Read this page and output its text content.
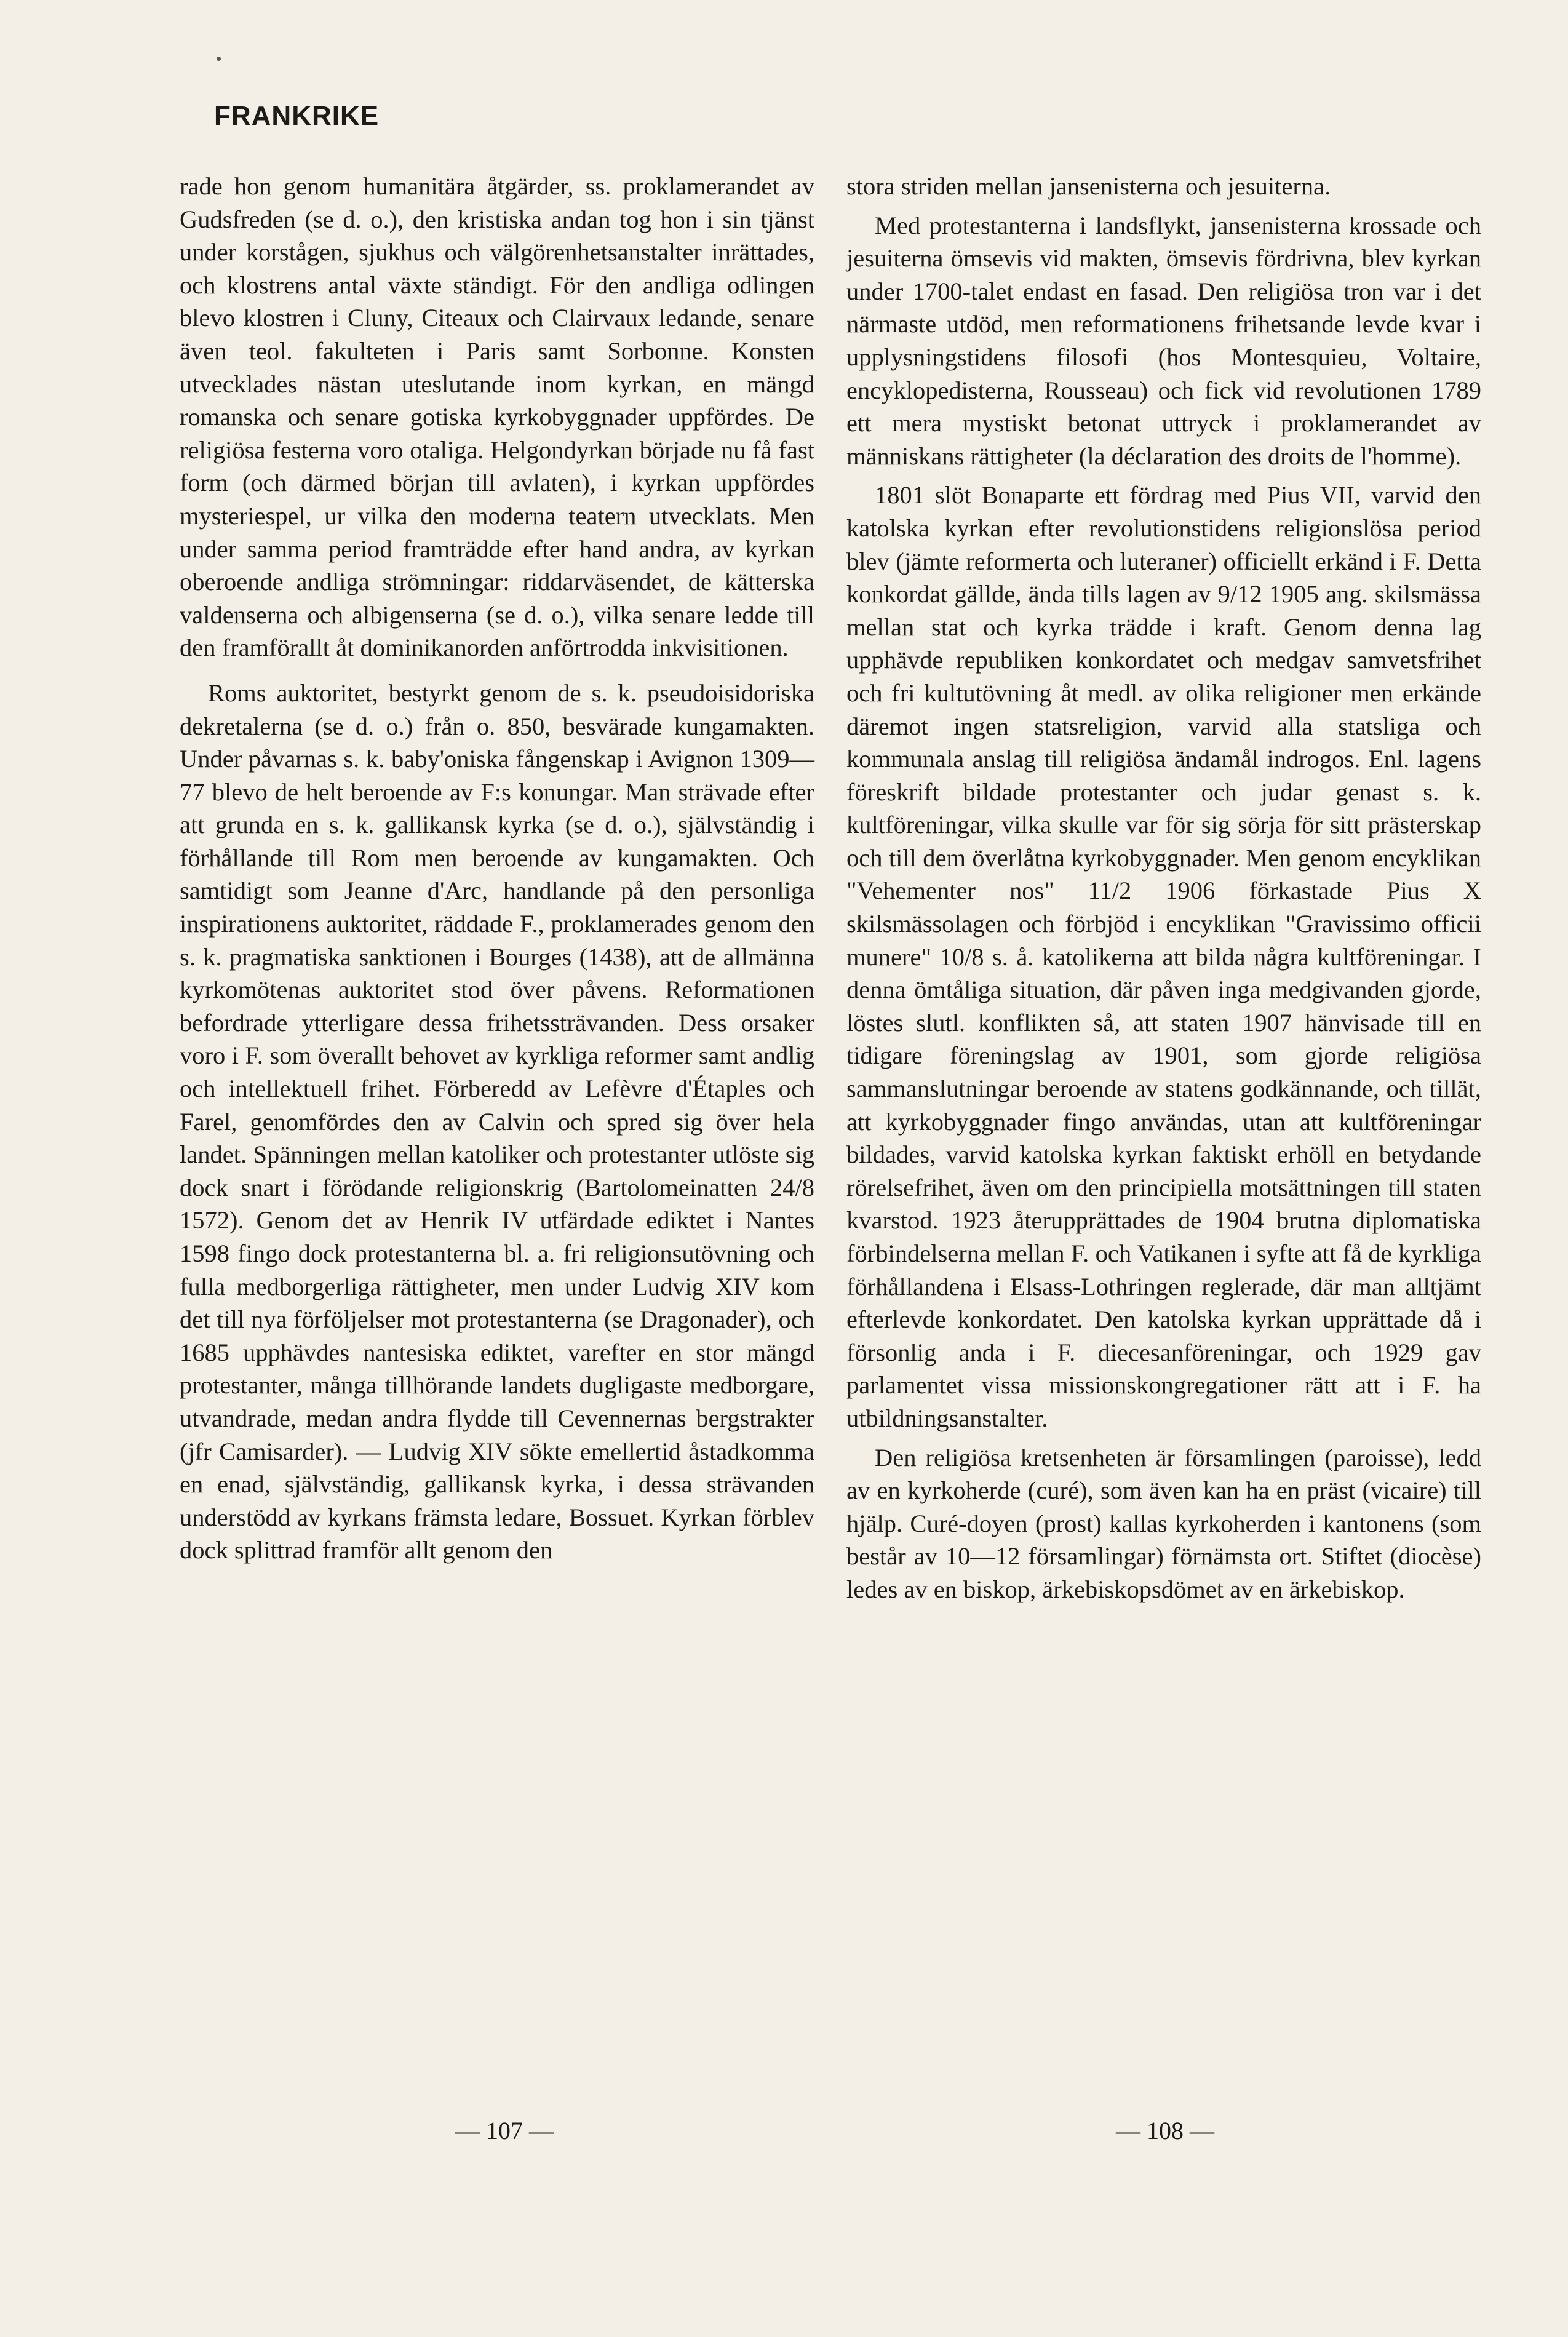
FRANKRIKE

rade hon genom humanitära åtgärder, ss. proklamerandet av Gudsfreden (se d. o.), den kristiska andan tog hon i sin tjänst under korstågen, sjukhus och välgörenhetsanstalter inrättades, och klostrens antal växte ständigt. För den andliga odlingen blevo klostren i Cluny, Citeaux och Clairvaux ledande, senare även teol. fakulteten i Paris samt Sorbonne. Konsten utvecklades nästan uteslutande inom kyrkan, en mängd romanska och senare gotiska kyrkobyggnader uppfördes. De religiösa festerna voro otaliga. Helgondyrkan började nu få fast form (och därmed början till avlaten), i kyrkan uppfördes mysteriespel, ur vilka den moderna teatern utvecklats. Men under samma period framträdde efter hand andra, av kyrkan oberoende andliga strömningar: riddarväsendet, de kätterska valdenserna och albigenserna (se d. o.), vilka senare ledde till den framförallt åt dominikanorden anförtrodda inkvisitionen.

Roms auktoritet, bestyrkt genom de s. k. pseudoisidoriska dekretalerna (se d. o.) från o. 850, besvärade kungamakten. Under påvarnas s. k. baby'oniska fångenskap i Avignon 1309—77 blevo de helt beroende av F:s konungar. Man strävade efter att grunda en s. k. gallikansk kyrka (se d. o.), självständig i förhållande till Rom men beroende av kungamakten. Och samtidigt som Jeanne d'Arc, handlande på den personliga inspirationens auktoritet, räddade F., proklamerades genom den s. k. pragmatiska sanktionen i Bourges (1438), att de allmänna kyrkomötenas auktoritet stod över påvens. Reformationen befordrade ytterligare dessa frihetssträvanden. Dess orsaker voro i F. som överallt behovet av kyrkliga reformer samt andlig och intellektuell frihet. Förberedd av Lefèvre d'Étaples och Farel, genomfördes den av Calvin och spred sig över hela landet. Spänningen mellan katoliker och protestanter utlöste sig dock snart i förödande religionskrig (Bartolomeinatten 24/8 1572). Genom det av Henrik IV utfärdade ediktet i Nantes 1598 fingo dock protestanterna bl. a. fri religionsutövning och fulla medborgerliga rättigheter, men under Ludvig XIV kom det till nya förföljelser mot protestanterna (se Dragonader), och 1685 upphävdes nantesiska ediktet, varefter en stor mängd protestanter, många tillhörande landets dugligaste medborgare, utvandrade, medan andra flydde till Cevennernas bergstrakter (jfr Camisarder). — Ludvig XIV sökte emellertid åstadkomma en enad, självständig, gallikansk kyrka, i dessa strävanden understödd av kyrkans främsta ledare, Bossuet. Kyrkan förblev dock splittrad framför allt genom den

stora striden mellan jansenisterna och jesuiterna.

Med protestanterna i landsflykt, jansenisterna krossade och jesuiterna ömsevis vid makten, ömsevis fördrivna, blev kyrkan under 1700-talet endast en fasad. Den religiösa tron var i det närmaste utdöd, men reformationens frihetsande levde kvar i upplysningstidens filosofi (hos Montesquieu, Voltaire, encyklopedisterna, Rousseau) och fick vid revolutionen 1789 ett mera mystiskt betonat uttryck i proklamerandet av människans rättigheter (la déclaration des droits de l'homme).

1801 slöt Bonaparte ett fördrag med Pius VII, varvid den katolska kyrkan efter revolutionstidens religionslösa period blev (jämte reformerta och luteraner) officiellt erkänd i F. Detta konkordat gällde, ända tills lagen av 9/12 1905 ang. skilsmässa mellan stat och kyrka trädde i kraft. Genom denna lag upphävde republiken konkordatet och medgav samvetsfrihet och fri kultutövning åt medl. av olika religioner men erkände däremot ingen statsreligion, varvid alla statsliga och kommunala anslag till religiösa ändamål indrogos. Enl. lagens föreskrift bildade protestanter och judar genast s. k. kultföreningar, vilka skulle var för sig sörja för sitt prästerskap och till dem överlåtna kyrkobyggnader. Men genom encyklikan "Vehementer nos" 11/2 1906 förkastade Pius X skilsmässolagen och förbjöd i encyklikan "Gravissimo officii munere" 10/8 s. å. katolikerna att bilda några kultföreningar. I denna ömtåliga situation, där påven inga medgivanden gjorde, löstes slutl. konflikten så, att staten 1907 hänvisade till en tidigare föreningslag av 1901, som gjorde religiösa sammanslutningar beroende av statens godkännande, och tillät, att kyrkobyggnader fingo användas, utan att kultföreningar bildades, varvid katolska kyrkan faktiskt erhöll en betydande rörelsefrihet, även om den principiella motsättningen till staten kvarstod. 1923 återupprättades de 1904 brutna diplomatiska förbindelserna mellan F. och Vatikanen i syfte att få de kyrkliga förhållandena i Elsass-Lothringen reglerade, där man alltjämt efterlevde konkordatet. Den katolska kyrkan upprättade då i försonlig anda i F. diecesanföreningar, och 1929 gav parlamentet vissa missionskongregationer rätt att i F. ha utbildningsanstalter.

Den religiösa kretsenheten är församlingen (paroisse), ledd av en kyrkoherde (curé), som även kan ha en präst (vicaire) till hjälp. Curé-doyen (prost) kallas kyrkoherden i kantonens (som består av 10—12 församlingar) förnämsta ort. Stiftet (diocèse) ledes av en biskop, ärkebiskopsdömet av en ärkebiskop.

— 107 —	— 108 —
